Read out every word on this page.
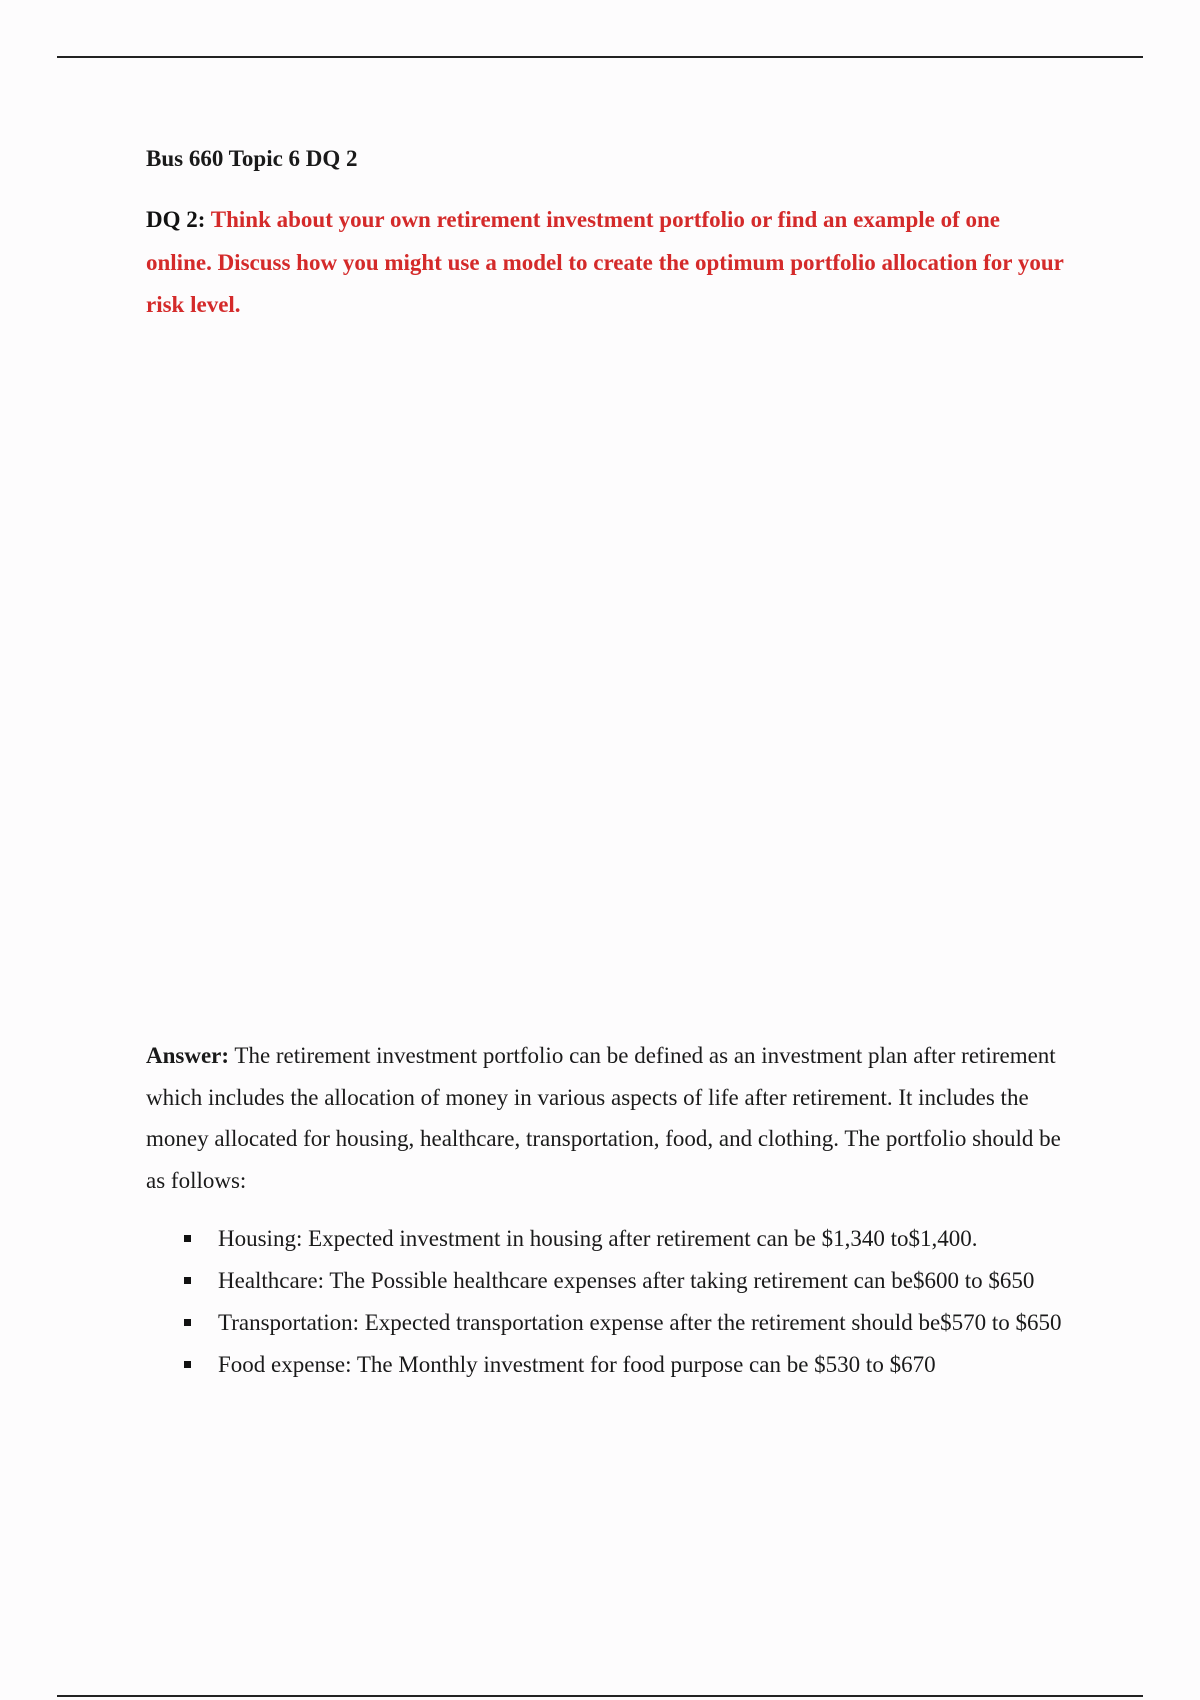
Bus 660 Topic 6 DQ 2

DQ 2: Think about your own retirement investment portfolio or find an example of one online. Discuss how you might use a model to create the optimum portfolio allocation for your risk level.

Answer: The retirement investment portfolio can be defined as an investment plan after retirement which includes the allocation of money in various aspects of life after retirement. It includes the money allocated for housing, healthcare, transportation, food, and clothing. The portfolio should be as follows:

Housing: Expected investment in housing after retirement can be $1,340 to$1,400.
Healthcare: The Possible healthcare expenses after taking retirement can be$600 to $650
Transportation: Expected transportation expense after the retirement should be$570 to $650
Food expense: The Monthly investment for food purpose can be $530 to $670
